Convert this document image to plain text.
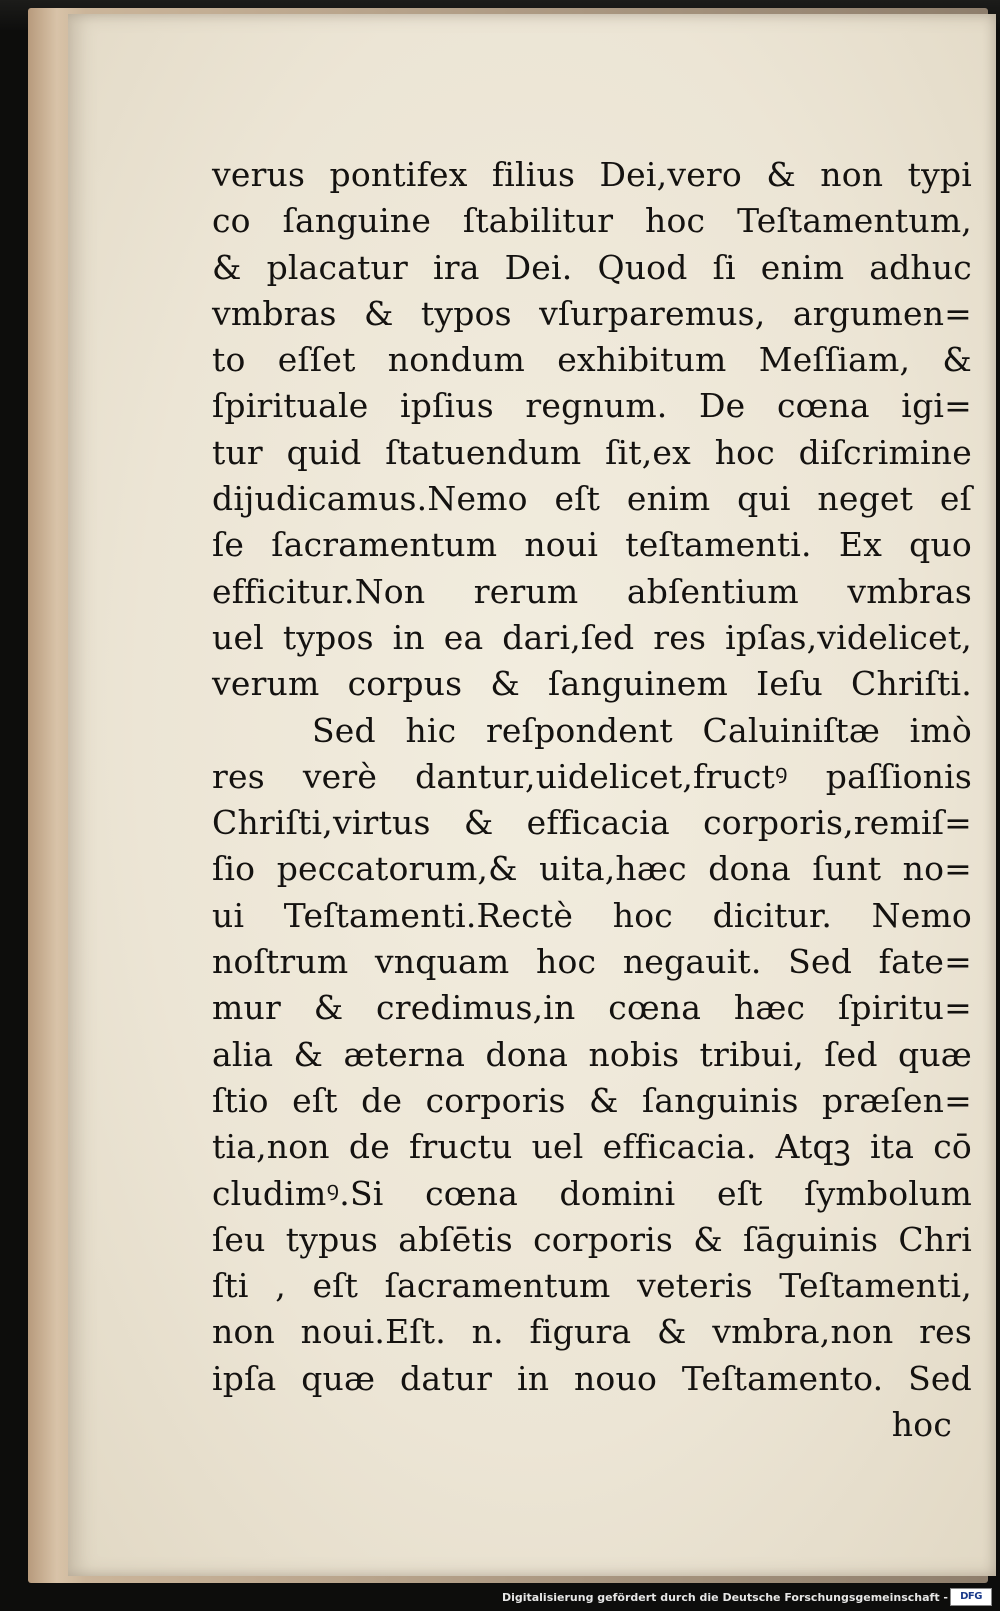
verus pontifex filius Dei,vero & non typi
co ſanguine ſtabilitur hoc Teſtamentum,
& placatur ira Dei. Quod ſi enim adhuc
vmbras & typos vſurparemus, argumen=
to eſſet nondum exhibitum Meſſiam, &
ſpirituale ipſius regnum. De cœna igi=
tur quid ſtatuendum ſit,ex hoc diſcrimine
dijudicamus.Nemo eſt enim qui neget eſ
ſe ſacramentum noui teſtamenti. Ex quo
efficitur.Non rerum abſentium vmbras
uel typos in ea dari,ſed res ipſas,videlicet,
verum corpus & ſanguinem Ieſu Chriſti.
Sed hic reſpondent Caluiniſtæ imò
res verè dantur,uidelicet,fructꝰ paſſionis
Chriſti,virtus & efficacia corporis,remiſ=
ſio peccatorum,& uita,hæc dona ſunt no=
ui Teſtamenti.Rectè hoc dicitur. Nemo
noſtrum vnquam hoc negauit. Sed fate=
mur & credimus,in cœna hæc ſpiritu=
alia & æterna dona nobis tribui, ſed quæ
ſtio eſt de corporis & ſanguinis præſen=
tia,non de fructu uel efficacia. Atqꝫ ita cō
cludimꝰ.Si cœna domini eſt ſymbolum
ſeu typus abſētis corporis & ſāguinis Chri
ſti , eſt ſacramentum veteris Teſtamenti,
non noui.Eſt. n. figura & vmbra,non res
ipſa quæ datur in nouo Teſtamento. Sed
hoc
Digitalisierung gefördert durch die Deutsche Forschungsgemeinschaft -	DFG
